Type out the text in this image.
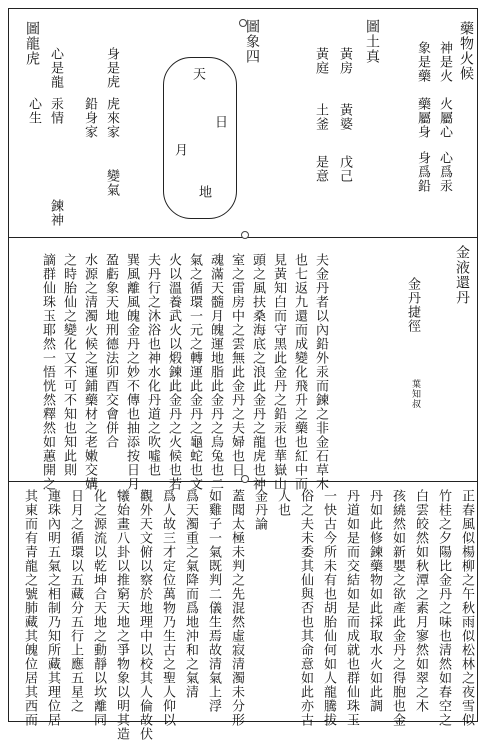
藥物火候
神是火
火屬心
心爲汞
象是藥
藥屬身
身爲鉛
圖土真
黃房
黃婆
戊己
黃庭
土釜
是意
圖象四
天
日
月
地
圖龍虎
身是虎
虎來家
鉛身家
變氣
心是龍
汞情
心生
鍊神
金液還丹
金丹捷徑
葉知叔
夫金丹者以內鉛外汞而鍊之非金石草木
也七返九還而成變化飛升之藥也紅中而
見黃知白而守黑此金丹之鉛汞也華嶽山
頭之風扶桑海底之浪此金丹之龍虎也神
室之雷房中之雲無此金丹之夫婦也日
魂滿天髓月魄運地脂此金丹之烏兔也二
氣之循環一元之轉運此金丹之龜蛇也文
火以溫養武火以煅鍊此金丹之火候也若
夫丹行之沐浴也神水化丹道之吹噓也
巽風離風魄金丹之妙不傳也抽添按日月
盈虧象天地刑德法卯酉交會併合
水源之清濁火候之運鋪藥材之老嫩交媾
之時胎仙之變化又不可不知也知此則
謫群仙珠玉耶然一悟恍然釋然如蕙開之
正春風似楊柳之午秋雨似松林之夜雪似
竹桂之夕陽比金丹之味也清然如春空之
白雲皎然如秋潭之素月寥然如翠之木
孩繞然如新嬰之欲產此金丹之得胞也金
丹如此修鍊藥物如此採取水火如此調
丹道如是而交結如是而成就也群仙珠玉
一快古今所未有也胡胎仙何如人龍騰拔
俗之夫未委其仙與否也其命意如此亦古
人也
金丹論
蓋聞太極未判之先混然虛寂清濁未分形
如雞子一氣既判二儀生焉故清氣上浮
爲天濁重之氣降而爲地沖和之氣清
爲人故三才定位萬物乃生古之聖人仰以
觀外天文俯以察於地理中以校其人倫故伏
犧始畫八卦以推窮天地之爭物象以明其造
化之源流以乾坤合天地之動靜以坎離同
日月之循環以五藏分五行上應五星之
連珠內明五氣之相制乃知所藏其理位居
其東而有青龍之號肺藏其魄位居其西而
